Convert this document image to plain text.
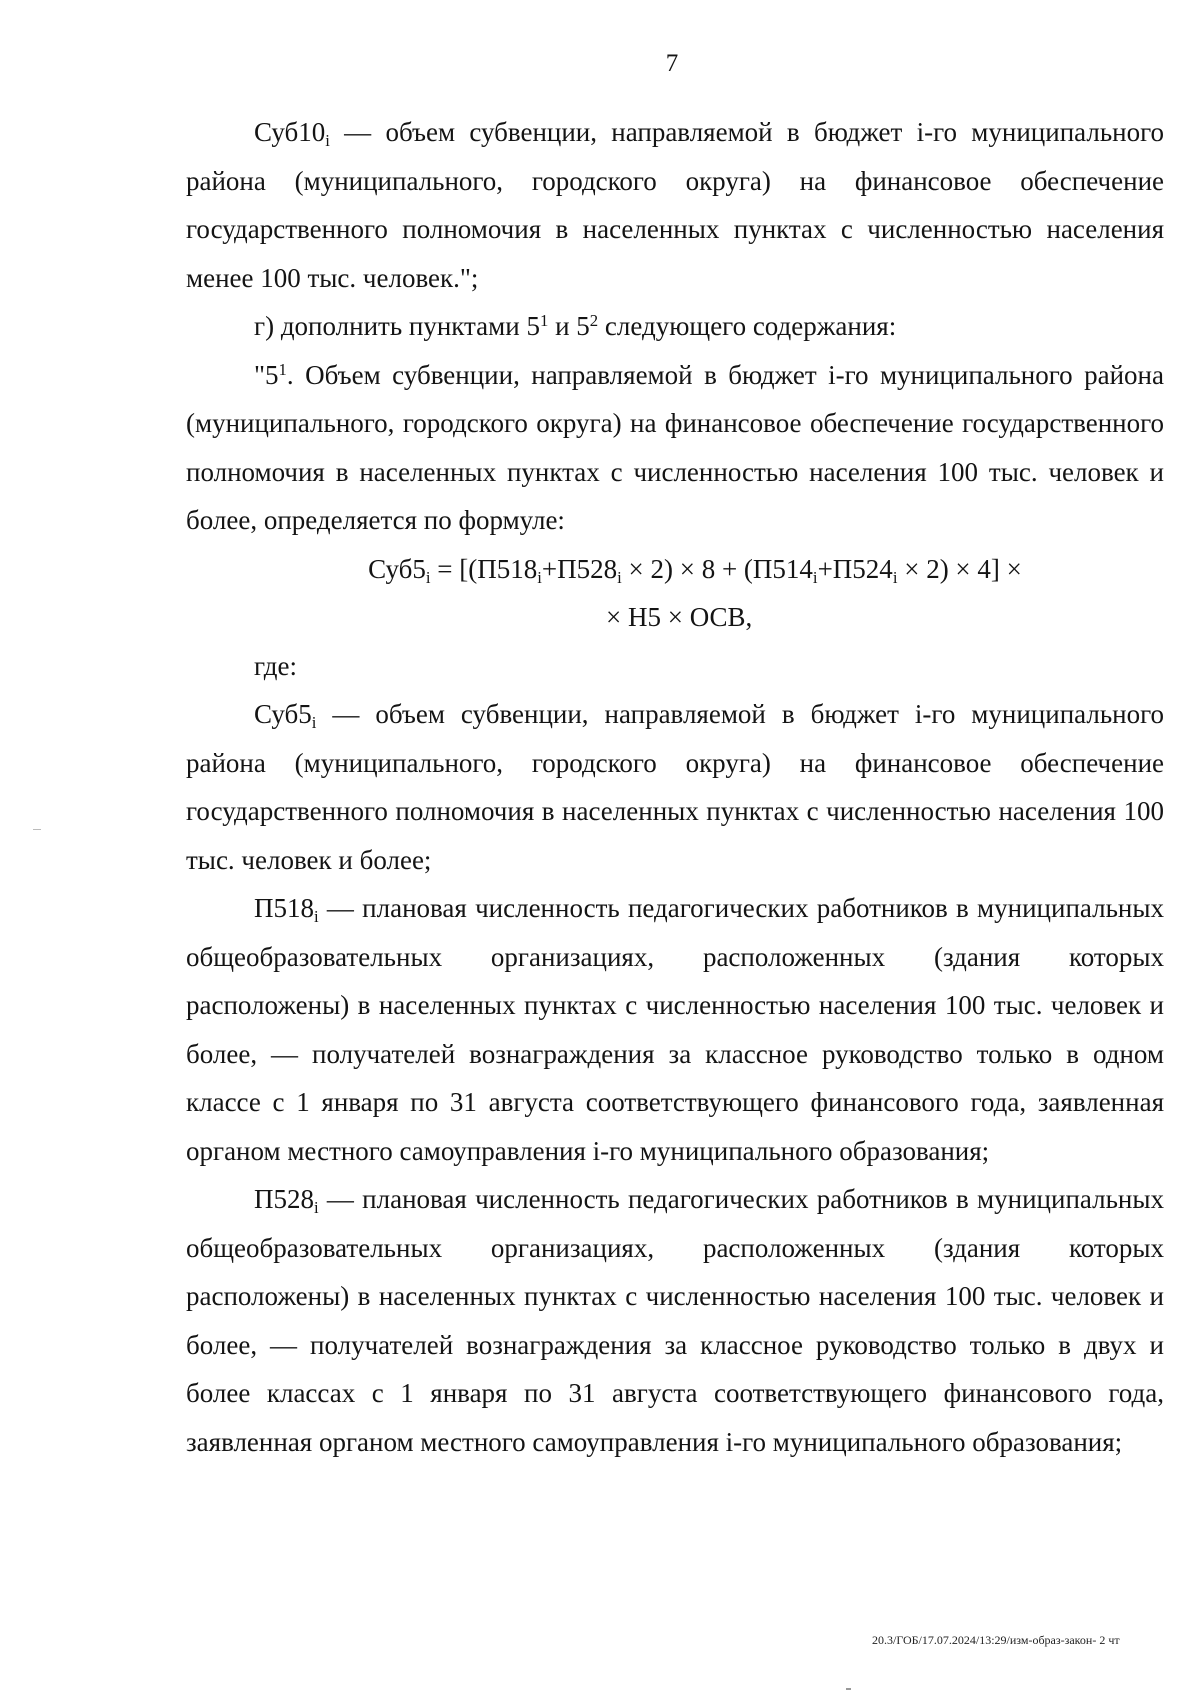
7

$Суб10_i$ — объем субвенции, направляемой в бюджет i-го муниципального района (муниципального, городского округа) на финансовое обеспечение государственного полномочия в населенных пунктах с численностью населения менее 100 тыс. человек.";

г) дополнить пунктами $5^1$ и $5^2$ следующего содержания:

"$5^1$. Объем субвенции, направляемой в бюджет i-го муниципального района (муниципального, городского округа) на финансовое обеспечение государственного полномочия в населенных пунктах с численностью населения 100 тыс. человек и более, определяется по формуле:

$Суб5_i = [(П518_i+П528_i \times 2) \times 8 + (П514_i+П524_i \times 2) \times 4]$ ×

× Н5 × ОСВ,

где:

$Суб5_i$ — объем субвенции, направляемой в бюджет i-го муниципального района (муниципального, городского округа) на финансовое обеспечение государственного полномочия в населенных пунктах с численностью населения 100 тыс. человек и более;

$П518_i$ — плановая численность педагогических работников в муниципальных общеобразовательных организациях, расположенных (здания которых расположены) в населенных пунктах с численностью населения 100 тыс. человек и более, — получателей вознаграждения за классное руководство только в одном классе с 1 января по 31 августа соответствующего финансового года, заявленная органом местного самоуправления i-го муниципального образования;

$П528_i$ — плановая численность педагогических работников в муниципальных общеобразовательных организациях, расположенных (здания которых расположены) в населенных пунктах с численностью населения 100 тыс. человек и более, — получателей вознаграждения за классное руководство только в двух и более классах с 1 января по 31 августа соответствующего финансового года, заявленная органом местного самоуправления i-го муниципального образования;

20.3/ГОБ/17.07.2024/13:29/изм-образ-закон- 2 чт
